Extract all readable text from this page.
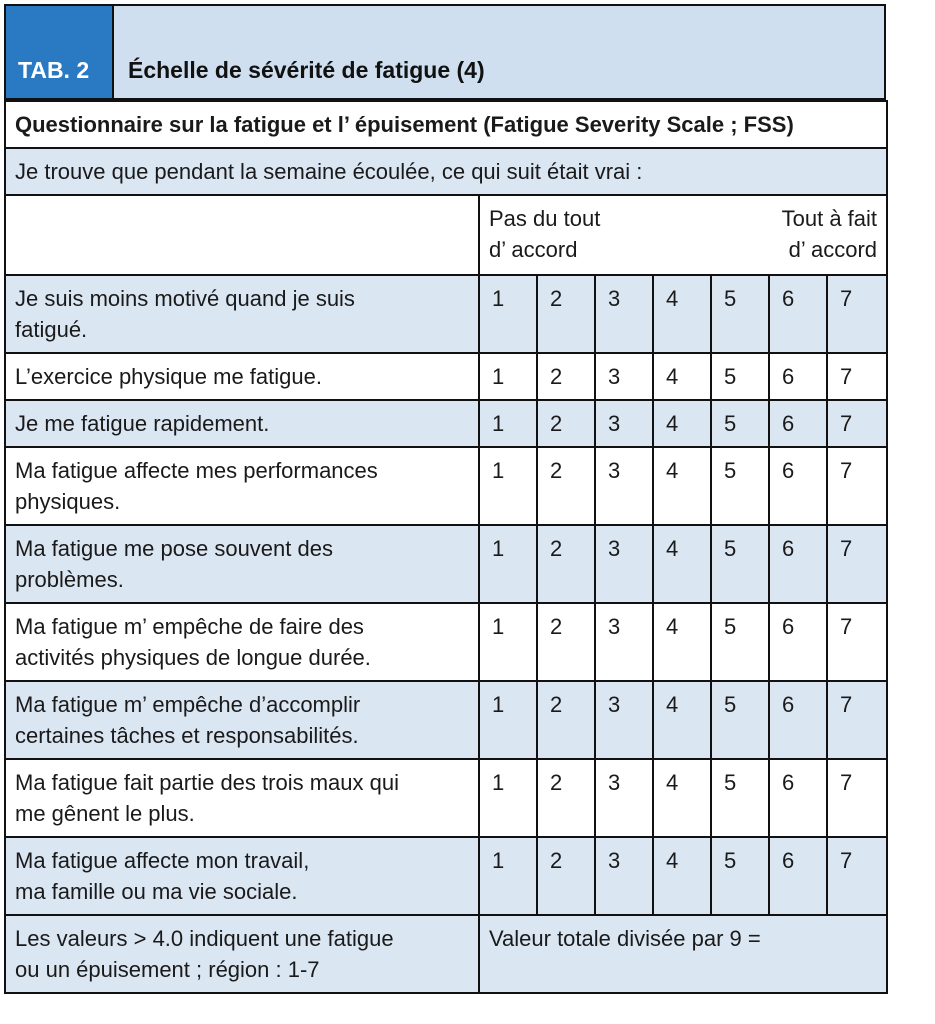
TAB. 2	Échelle de sévérité de fatigue (4)
Questionnaire sur la fatigue et l’ épuisement (Fatigue Severity Scale ; FSS)							
Je trouve que pendant la semaine écoulée, ce qui suit était vrai :							

	Pas du tout
d’ accord
Tout à fait
d’ accord						

Je suis moins motivé quand je suis
fatigué.	1	2	3	4	5	6	7

L’exercice physique me fatigue.	1	2	3	4	5	6	7

Je me fatigue rapidement.	1	2	3	4	5	6	7

Ma fatigue affecte mes performances
physiques.	1	2	3	4	5	6	7

Ma fatigue me pose souvent des
problèmes.	1	2	3	4	5	6	7

Ma fatigue m’ empêche de faire des
activités physiques de longue durée.	1	2	3	4	5	6	7

Ma fatigue m’ empêche d’accomplir
certaines tâches et responsabilités.	1	2	3	4	5	6	7

Ma fatigue fait partie des trois maux qui
me gênent le plus.	1	2	3	4	5	6	7

Ma fatigue affecte mon travail,
ma famille ou ma vie sociale.	1	2	3	4	5	6	7

Les valeurs > 4.0 indiquent une fatigue
ou un épuisement ; région : 1-7	Valeur totale divisée par 9 =						
